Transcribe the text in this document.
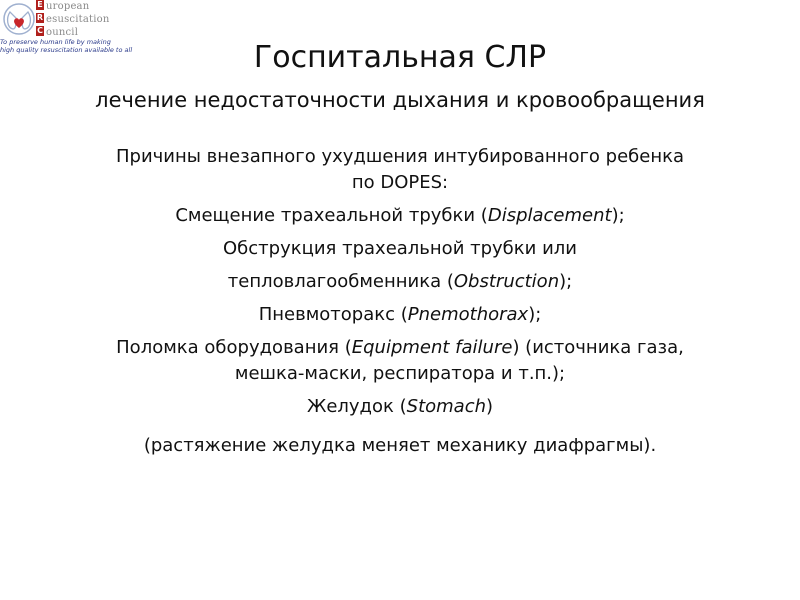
E
R
C
uropean
esuscitation
ouncil
To preserve human life by making
high quality resuscitation available to all	Госпитальная СЛР
лечение недостаточности дыхания и кровообращения
Причины внезапного ухудшения интубированного ребенка
по DOPES:
Смещение трахеальной трубки (Displacement);
Обструкция трахеальной трубки или
тепловлагообменника (Obstruction);
Пневмоторакс (Pnemothorax);
Поломка оборудования (Equipment failure) (источника газа,
мешка-маски, респиратора и т.п.);
Желудок (Stomach)
(растяжение желудка меняет механику диафрагмы).
